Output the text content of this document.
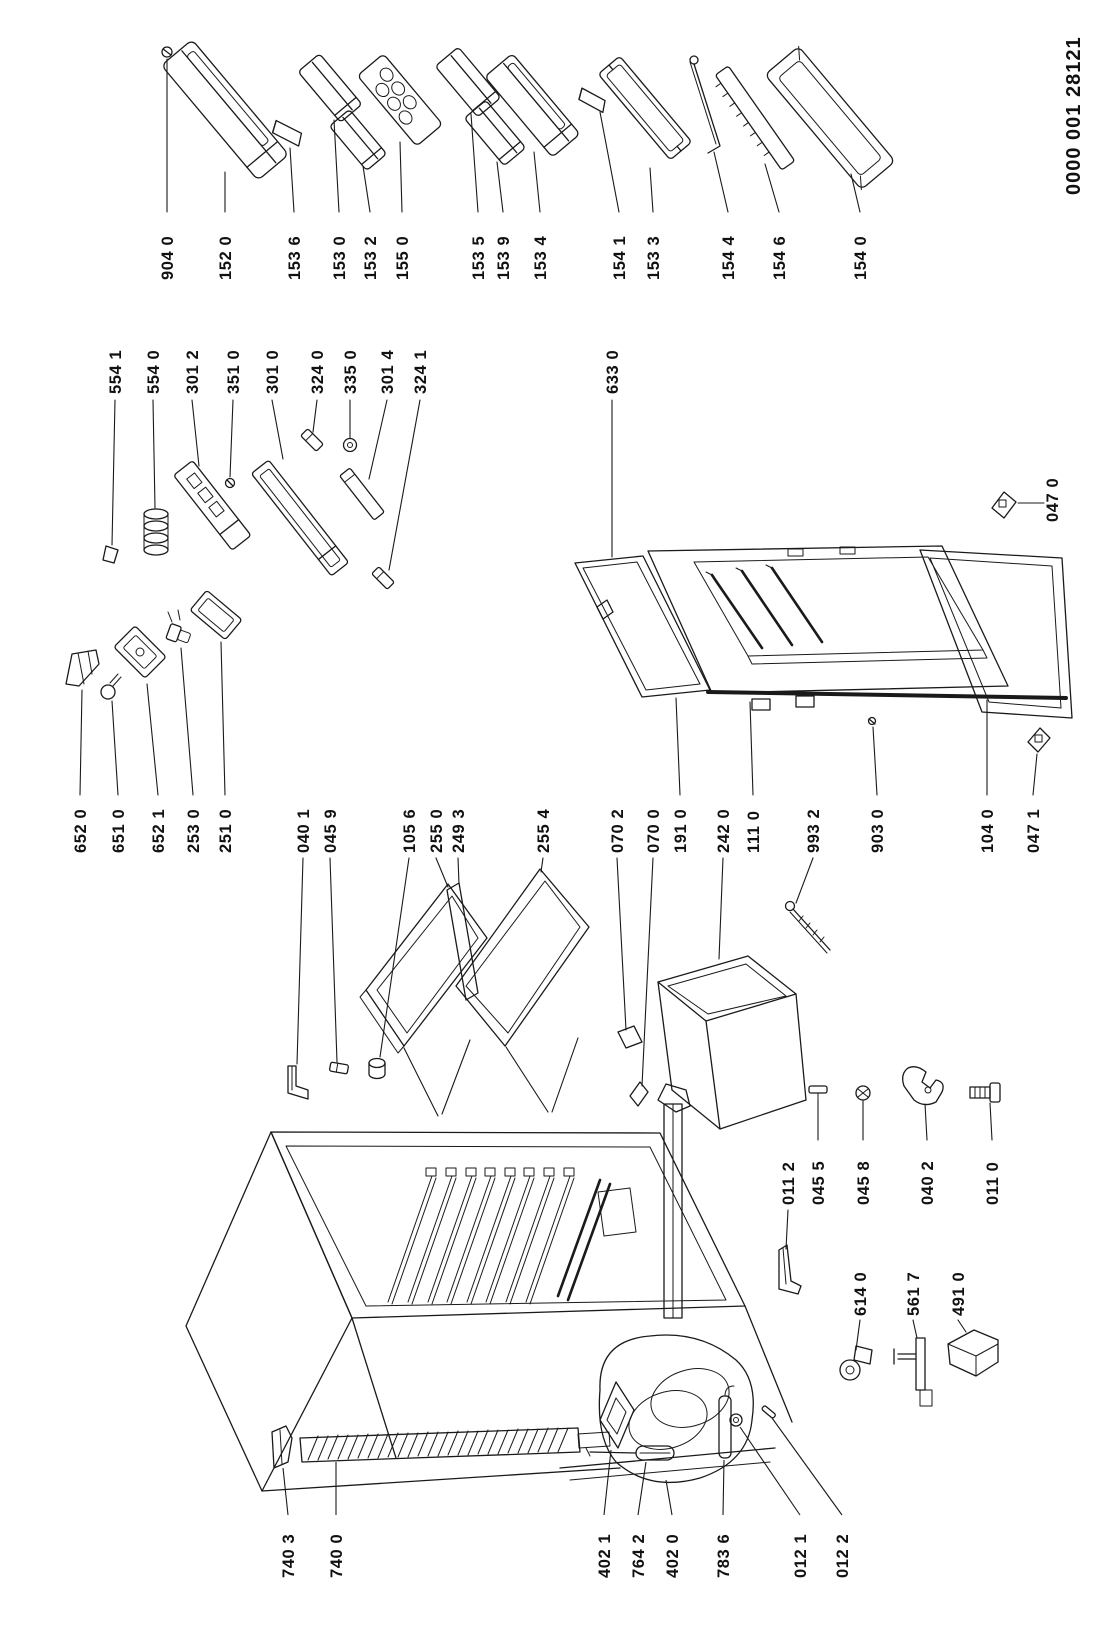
904 0 152 0	153 6 153 0 153 2 155 0	153 5 153 9 153 4	154 1 153 3	154 4 154 6	154 0
554 1 554 0 301 2 351 0 301 0 324 0 335 0 301 4 324 1	633 0
047 0
652 0 651 0 652 1 253 0 251 0	040 1 045 9	105 6 255 0 249 3	255 4	070 2 070 0 191 0 242 0 111 0	993 2	903 0	104 0 047 1
011 2 045 5 045 8	040 2	011 0
614 0 561 7 491 0
740 3 740 0	402 1 764 2 402 0 783 6	012 1 012 2
0000 001 28121
